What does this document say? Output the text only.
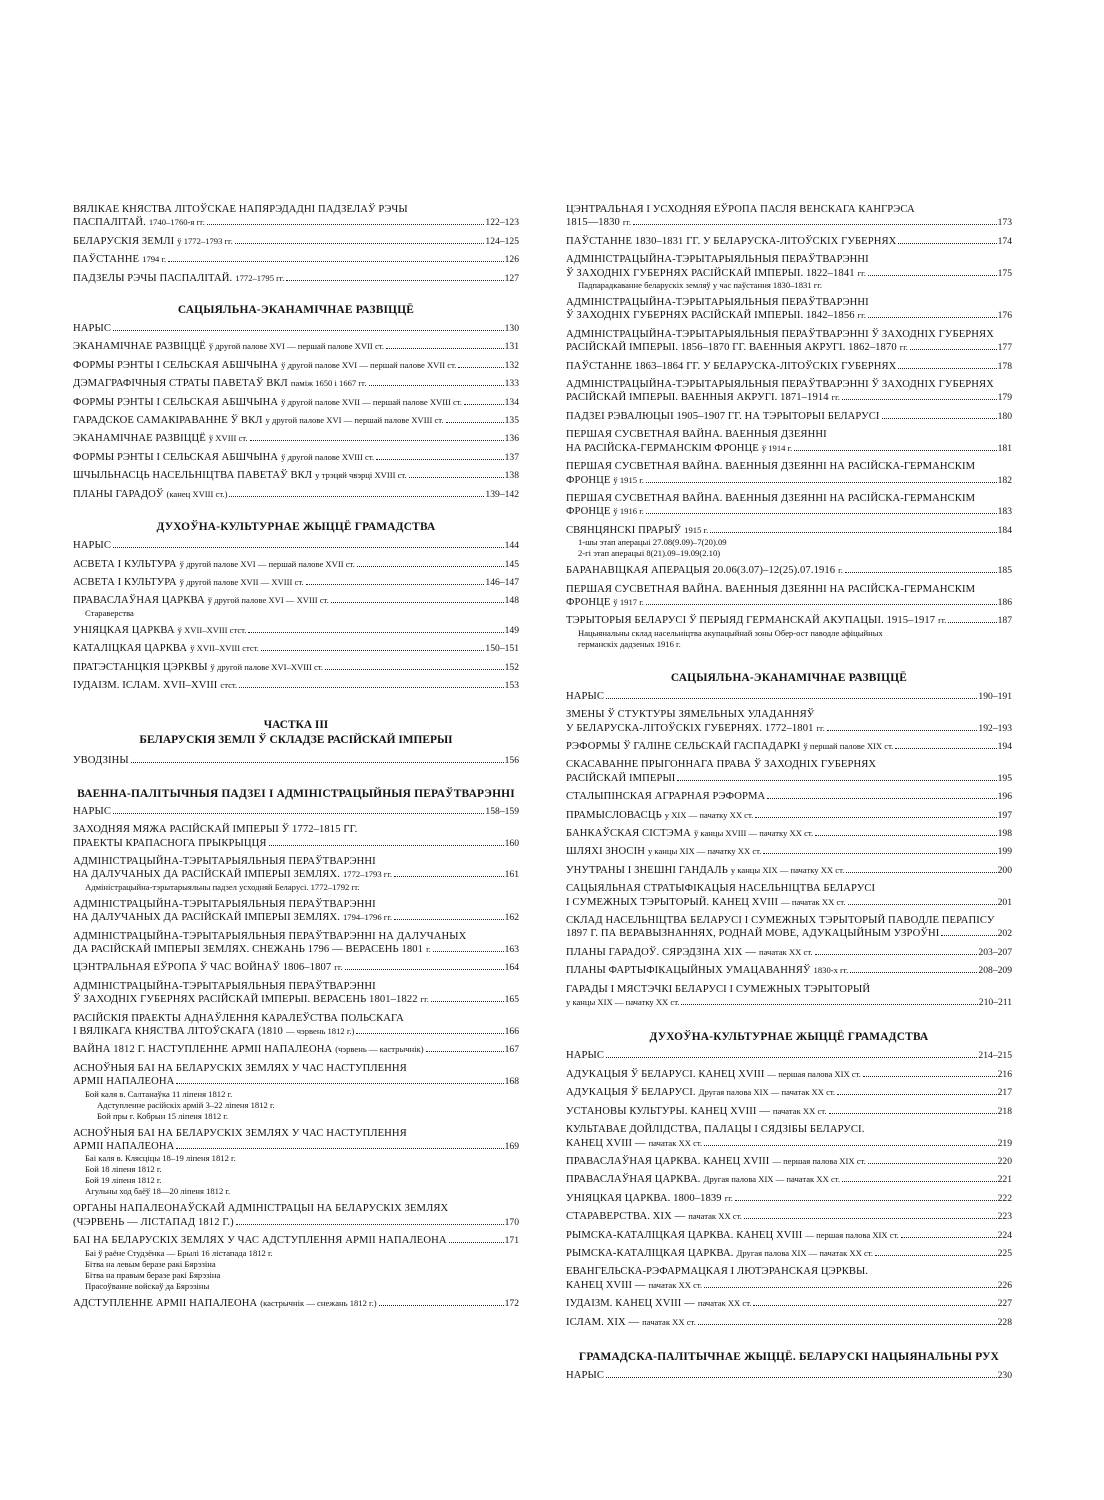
ВЯЛІКАЕ КНЯСТВА ЛІТОЎСКАЕ НАПЯРЭДАДНІ ПАДЗЕЛАЎ РЭЧЫ
ПАСПАЛІТАЙ. 1740–1760-я гг.	122–123
БЕЛАРУСКІЯ ЗЕМЛІ ў 1772–1793 гг.	124–125
ПАЎСТАННЕ 1794 г.	126
ПАДЗЕЛЫ РЭЧЫ ПАСПАЛІТАЙ. 1772–1795 гг.	127
САЦЫЯЛЬНА-ЭКАНАМІЧНАЕ РАЗВІЦЦЁ
НАРЫС	130
ЭКАНАМІЧНАЕ РАЗВІЦЦЁ ў другой палове XVI — першай палове XVII ст.	131
ФОРМЫ РЭНТЫ І СЕЛЬСКАЯ АБШЧЫНА ў другой палове XVI — першай палове XVII ст.	132
ДЭМАГРАФІЧНЫЯ СТРАТЫ ПАВЕТАЎ ВКЛ паміж 1650 і 1667 гг.	133
ФОРМЫ РЭНТЫ І СЕЛЬСКАЯ АБШЧЫНА ў другой палове XVII — першай палове XVIII ст.	134
ГАРАДСКОЕ САМАКІРАВАННЕ Ў ВКЛ у другой палове XVI — першай палове XVIII ст.	135
ЭКАНАМІЧНАЕ РАЗВІЦЦЁ ў XVIII ст.	136
ФОРМЫ РЭНТЫ І СЕЛЬСКАЯ АБШЧЫНА ў другой палове XVIII ст.	137
ШЧЫЛЬНАСЦЬ НАСЕЛЬНІЦТВА ПАВЕТАЎ ВКЛ у трэцяй чвэрці XVIII ст.	138
ПЛАНЫ ГАРАДОЎ (канец XVIII ст.)	139–142
ДУХОЎНА-КУЛЬТУРНАЕ ЖЫЦЦЁ ГРАМАДСТВА
НАРЫС	144
АСВЕТА І КУЛЬТУРА ў другой палове XVI — першай палове XVII ст.	145
АСВЕТА І КУЛЬТУРА ў другой палове XVII — XVIII ст.	146–147
ПРАВАСЛАЎНАЯ ЦАРКВА ў другой палове XVI — XVIII ст.	148
Стараверства
УНІЯЦКАЯ ЦАРКВА ў XVII–XVIII стст.	149
КАТАЛІЦКАЯ ЦАРКВА ў XVII–XVIII стст.	150–151
ПРАТЭСТАНЦКІЯ ЦЭРКВЫ ў другой палове XVI–XVIII ст.	152
ІУДАІЗМ. ІСЛАМ. XVII–XVIII стст.	153
ЧАСТКА III
БЕЛАРУСКІЯ ЗЕМЛІ Ў СКЛАДЗЕ РАСІЙСКАЙ ІМПЕРЫІ
УВОДЗІНЫ	156
ВАЕННА-ПАЛІТЫЧНЫЯ ПАДЗЕІ І АДМІНІСТРАЦЫЙНЫЯ ПЕРАЎТВАРЭННІ
НАРЫС	158–159
ЗАХОДНЯЯ МЯЖА РАСІЙСКАЙ ІМПЕРЫІ Ў 1772–1815 ГГ.
ПРАЕКТЫ КРАПАСНОГА ПРЫКРЫЦЦЯ	160
АДМІНІСТРАЦЫЙНА-ТЭРЫТАРЫЯЛЬНЫЯ ПЕРАЎТВАРЭННІ
НА ДАЛУЧАНЫХ ДА РАСІЙСКАЙ ІМПЕРЫІ ЗЕМЛЯХ. 1772–1793 гг.	161
Адміністрацыйна-тэрытарыяльны падзел усходняй Беларусі. 1772–1792 гг.
АДМІНІСТРАЦЫЙНА-ТЭРЫТАРЫЯЛЬНЫЯ ПЕРАЎТВАРЭННІ
НА ДАЛУЧАНЫХ ДА РАСІЙСКАЙ ІМПЕРЫІ ЗЕМЛЯХ. 1794–1796 гг.	162
АДМІНІСТРАЦЫЙНА-ТЭРЫТАРЫЯЛЬНЫЯ ПЕРАЎТВАРЭННІ НА ДАЛУЧАНЫХ
ДА РАСІЙСКАЙ ІМПЕРЫІ ЗЕМЛЯХ. СНЕЖАНЬ 1796 — ВЕРАСЕНЬ 1801 г.	163
ЦЭНТРАЛЬНАЯ ЕЎРОПА Ў ЧАС ВОЙНАЎ 1806–1807 гг.	164
АДМІНІСТРАЦЫЙНА-ТЭРЫТАРЫЯЛЬНЫЯ ПЕРАЎТВАРЭННІ
Ў ЗАХОДНІХ ГУБЕРНЯХ РАСІЙСКАЙ ІМПЕРЫІ. ВЕРАСЕНЬ 1801–1822 гг.	165
РАСІЙСКІЯ ПРАЕКТЫ АДНАЎЛЕННЯ КАРАЛЕЎСТВА ПОЛЬСКАГА
І ВЯЛІКАГА КНЯСТВА ЛІТОЎСКАГА (1810 — чэрвень 1812 г.)	166
ВАЙНА 1812 Г. НАСТУПЛЕННЕ АРМІІ НАПАЛЕОНА (чэрвень — кастрычнік)	167
АСНОЎНЫЯ БАІ НА БЕЛАРУСКІХ ЗЕМЛЯХ У ЧАС НАСТУПЛЕННЯ
АРМІІ НАПАЛЕОНА	168
Бой каля в. Салтанаўка 11 ліпеня 1812 г.
Адступленне расійскіх армій 3–22 ліпеня 1812 г.
Бой пры г. Кобрын 15 ліпеня 1812 г.
АСНОЎНЫЯ БАІ НА БЕЛАРУСКІХ ЗЕМЛЯХ У ЧАС НАСТУПЛЕННЯ
АРМІІ НАПАЛЕОНА	169
Баі каля в. Клясціцы 18–19 ліпеня 1812 г.
Бой 18 ліпеня 1812 г.
Бой 19 ліпеня 1812 г.
Агульны ход баёў 18—20 ліпеня 1812 г.
ОРГАНЫ НАПАЛЕОНАЎСКАЙ АДМІНІСТРАЦЫІ НА БЕЛАРУСКІХ ЗЕМЛЯХ
(ЧЭРВЕНЬ — ЛІСТАПАД 1812 Г.)	170
БАІ НА БЕЛАРУСКІХ ЗЕМЛЯХ У ЧАС АДСТУПЛЕННЯ АРМІІ НАПАЛЕОНА	171
Баі ў раёне Студзёнка — Брылі 16 лістапада 1812 г.
Бітва на левым беразе ракі Бярэзіна
Бітва на правым беразе ракі Бярэзіна
Прасоўванне войскаў да Бярэзіны
АДСТУПЛЕННЕ АРМІІ НАПАЛЕОНА (кастрычнік — снежань 1812 г.)	172
ЦЭНТРАЛЬНАЯ І УСХОДНЯЯ ЕЎРОПА ПАСЛЯ ВЕНСКАГА КАНГРЭСА
1815—1830 гг.	173
ПАЎСТАННЕ 1830–1831 ГГ. У БЕЛАРУСКА-ЛІТОЎСКІХ ГУБЕРНЯХ	174
АДМІНІСТРАЦЫЙНА-ТЭРЫТАРЫЯЛЬНЫЯ ПЕРАЎТВАРЭННІ
Ў ЗАХОДНІХ ГУБЕРНЯХ РАСІЙСКАЙ ІМПЕРЫІ. 1822–1841 гг.	175
Падпарадкаванне беларускіх земляў у час паўстання 1830–1831 гг.
АДМІНІСТРАЦЫЙНА-ТЭРЫТАРЫЯЛЬНЫЯ ПЕРАЎТВАРЭННІ
Ў ЗАХОДНІХ ГУБЕРНЯХ РАСІЙСКАЙ ІМПЕРЫІ. 1842–1856 гг.	176
АДМІНІСТРАЦЫЙНА-ТЭРЫТАРЫЯЛЬНЫЯ ПЕРАЎТВАРЭННІ Ў ЗАХОДНІХ ГУБЕРНЯХ
РАСІЙСКАЙ ІМПЕРЫІ. 1856–1870 ГГ. ВАЕННЫЯ АКРУГІ. 1862–1870 гг.	177
ПАЎСТАННЕ 1863–1864 ГГ. У БЕЛАРУСКА-ЛІТОЎСКІХ ГУБЕРНЯХ	178
АДМІНІСТРАЦЫЙНА-ТЭРЫТАРЫЯЛЬНЫЯ ПЕРАЎТВАРЭННІ Ў ЗАХОДНІХ ГУБЕРНЯХ
РАСІЙСКАЙ ІМПЕРЫІ. ВАЕННЫЯ АКРУГІ. 1871–1914 гг.	179
ПАДЗЕІ РЭВАЛЮЦЫІ 1905–1907 ГГ. НА ТЭРЫТОРЫІ БЕЛАРУСІ	180
ПЕРШАЯ СУСВЕТНАЯ ВАЙНА. ВАЕННЫЯ ДЗЕЯННІ
НА РАСІЙСКА-ГЕРМАНСКІМ ФРОНЦЕ ў 1914 г.	181
ПЕРШАЯ СУСВЕТНАЯ ВАЙНА. ВАЕННЫЯ ДЗЕЯННІ НА РАСІЙСКА-ГЕРМАНСКІМ
ФРОНЦЕ ў 1915 г.	182
ПЕРШАЯ СУСВЕТНАЯ ВАЙНА. ВАЕННЫЯ ДЗЕЯННІ НА РАСІЙСКА-ГЕРМАНСКІМ
ФРОНЦЕ ў 1916 г.	183
СВЯНЦЯНСКІ ПРАРЫЎ 1915 г.	184
1-шы этап аперацыі 27.08(9.09)–7(20).09
2-гі этап аперацыі 8(21).09–19.09(2.10)
БАРАНАВІЦКАЯ АПЕРАЦЫЯ 20.06(3.07)–12(25).07.1916 г.	185
ПЕРШАЯ СУСВЕТНАЯ ВАЙНА. ВАЕННЫЯ ДЗЕЯННІ НА РАСІЙСКА-ГЕРМАНСКІМ
ФРОНЦЕ ў 1917 г.	186
ТЭРЫТОРЫЯ БЕЛАРУСІ Ў ПЕРЫЯД ГЕРМАНСКАЙ АКУПАЦЫІ. 1915–1917 гг.	187
Нацыянальны склад насельніцтва акупацыйнай зоны Обер-ост паводле афіцыйных
германскіх дадзеных 1916 г.
САЦЫЯЛЬНА-ЭКАНАМІЧНАЕ РАЗВІЦЦЁ
НАРЫС	190–191
ЗМЕНЫ Ў СТУКТУРЫ ЗЯМЕЛЬНЫХ УЛАДАННЯЎ
У БЕЛАРУСКА-ЛІТОЎСКІХ ГУБЕРНЯХ. 1772–1801 гг.	192–193
РЭФОРМЫ Ў ГАЛІНЕ СЕЛЬСКАЙ ГАСПАДАРКІ ў першай палове XIX ст.	194
СКАСАВАННЕ ПРЫГОННАГА ПРАВА Ў ЗАХОДНІХ ГУБЕРНЯХ
РАСІЙСКАЙ ІМПЕРЫІ	195
СТАЛЫПІНСКАЯ АГРАРНАЯ РЭФОРМА	196
ПРАМЫСЛОВАСЦЬ у XIX — пачатку XX ст.	197
БАНКАЎСКАЯ СІСТЭМА ў канцы XVIII — пачатку XX ст.	198
ШЛЯХІ ЗНОСІН у канцы XIX — пачатку XX ст.	199
УНУТРАНЫ І ЗНЕШНІ ГАНДАЛЬ у канцы XIX — пачатку XX ст.	200
САЦЫЯЛЬНАЯ СТРАТЫФІКАЦЫЯ НАСЕЛЬНІЦТВА БЕЛАРУСІ
І СУМЕЖНЫХ ТЭРЫТОРЫЙ. КАНЕЦ XVIII — пачатак XX ст.	201
СКЛАД НАСЕЛЬНІЦТВА БЕЛАРУСІ І СУМЕЖНЫХ ТЭРЫТОРЫЙ ПАВОДЛЕ ПЕРАПІСУ
1897 Г. ПА ВЕРАВЫЗНАННЯХ, РОДНАЙ МОВЕ, АДУКАЦЫЙНЫМ УЗРОЎНІ	202
ПЛАНЫ ГАРАДОЎ. СЯРЭДЗІНА XIX — пачатак XX ст.	203–207
ПЛАНЫ ФАРТЫФІКАЦЫЙНЫХ УМАЦАВАННЯЎ 1830-х гг.	208–209
ГАРАДЫ І МЯСТЭЧКІ БЕЛАРУСІ І СУМЕЖНЫХ ТЭРЫТОРЫЙ
у канцы XIX — пачатку XX ст.	210–211
ДУХОЎНА-КУЛЬТУРНАЕ ЖЫЦЦЁ ГРАМАДСТВА
НАРЫС	214–215
АДУКАЦЫЯ Ў БЕЛАРУСІ. КАНЕЦ XVIII — першая палова XIX ст.	216
АДУКАЦЫЯ Ў БЕЛАРУСІ. Другая палова XIX — пачатак XX ст.	217
УСТАНОВЫ КУЛЬТУРЫ. КАНЕЦ XVIII — пачатак XX ст.	218
КУЛЬТАВАЕ ДОЙЛІДСТВА, ПАЛАЦЫ І СЯДЗІБЫ БЕЛАРУСІ.
КАНЕЦ XVIII — пачатак XX ст.	219
ПРАВАСЛАЎНАЯ ЦАРКВА. КАНЕЦ XVIII — першая палова XIX ст.	220
ПРАВАСЛАЎНАЯ ЦАРКВА. Другая палова XIX — пачатак XX ст.	221
УНІЯЦКАЯ ЦАРКВА. 1800–1839 гг.	222
СТАРАВЕРСТВА. XIX — пачатак XX ст.	223
РЫМСКА-КАТАЛІЦКАЯ ЦАРКВА. КАНЕЦ XVIII — першая палова XIX ст.	224
РЫМСКА-КАТАЛІЦКАЯ ЦАРКВА. Другая палова XIX — пачатак XX ст.	225
ЕВАНГЕЛЬСКА-РЭФАРМАЦКАЯ І ЛЮТЭРАНСКАЯ ЦЭРКВЫ.
КАНЕЦ XVIII — пачатак XX ст.	226
ІУДАІЗМ. КАНЕЦ XVIII — пачатак XX ст.	227
ІСЛАМ. XIX — пачатак XX ст.	228
ГРАМАДСКА-ПАЛІТЫЧНАЕ ЖЫЦЦЁ. БЕЛАРУСКІ НАЦЫЯНАЛЬНЫ РУХ
НАРЫС	230
